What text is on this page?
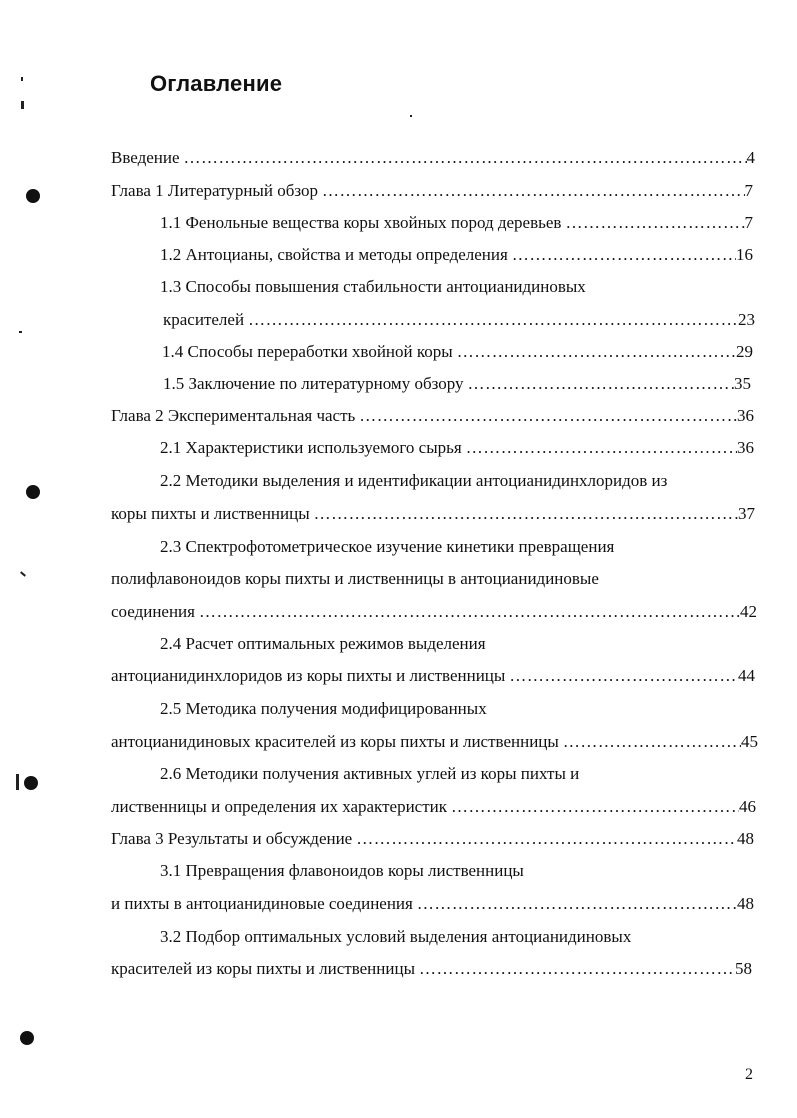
Оглавление
Введение …………………………………………………………………………………………………………………………………………	4
Глава 1 Литературный обзор …………………………………………………………………………………………………………………………………………	7
1.1 Фенольные вещества коры хвойных пород деревьев …………………………………………………………………………………………………………………………………………	7
1.2 Антоцианы, свойства и методы определения …………………………………………………………………………………………………………………………………………	16
1.3 Способы повышения стабильности антоцианидиновых
красителей …………………………………………………………………………………………………………………………………………	23
1.4 Способы переработки хвойной коры …………………………………………………………………………………………………………………………………………	29
1.5 Заключение по литературному обзору …………………………………………………………………………………………………………………………………………	35
Глава 2 Экспериментальная часть …………………………………………………………………………………………………………………………………………	36
2.1 Характеристики используемого сырья …………………………………………………………………………………………………………………………………………	36
2.2 Методики выделения и идентификации антоцианидинхлоридов из
коры пихты и лиственницы …………………………………………………………………………………………………………………………………………	37
2.3 Спектрофотометрическое изучение кинетики превращения
полифлавоноидов коры пихты и лиственницы в антоцианидиновые
соединения …………………………………………………………………………………………………………………………………………	42
2.4 Расчет оптимальных режимов выделения
антоцианидинхлоридов из коры пихты и лиственницы …………………………………………………………………………………………………………………………………………	44
2.5 Методика получения модифицированных
антоцианидиновых красителей из коры пихты и лиственницы …………………………………………………………………………………………………………………………………………	45
2.6 Методики получения активных углей из коры пихты и
лиственницы и определения их характеристик …………………………………………………………………………………………………………………………………………	46
Глава 3 Результаты и обсуждение …………………………………………………………………………………………………………………………………………	48
3.1 Превращения флавоноидов коры лиственницы
и пихты в антоцианидиновые соединения …………………………………………………………………………………………………………………………………………	48
3.2 Подбор оптимальных условий выделения антоцианидиновых
красителей из коры пихты и лиственницы …………………………………………………………………………………………………………………………………………	58
2
